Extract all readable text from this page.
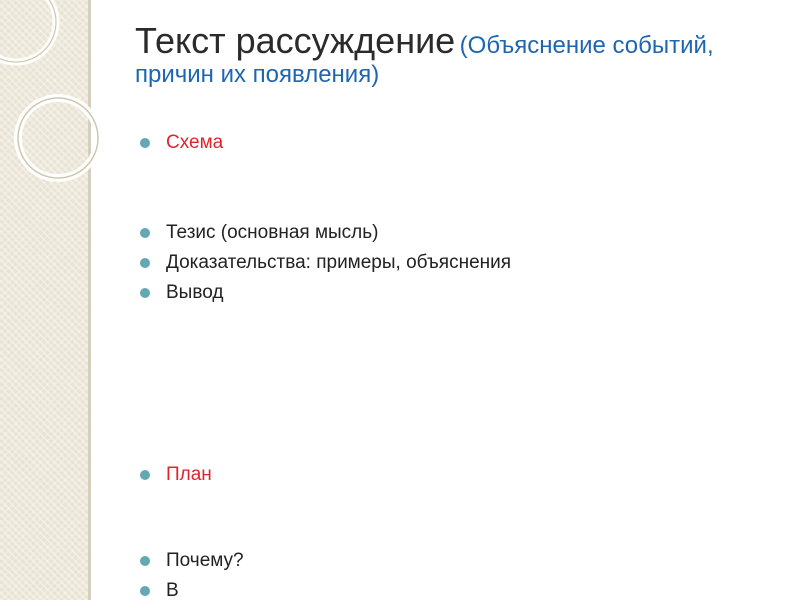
Текст рассуждение (Объяснение событий, причин их появления)
Схема
Тезис (основная мысль)
Доказательства: примеры, объяснения
Вывод
План
Почему?
В
